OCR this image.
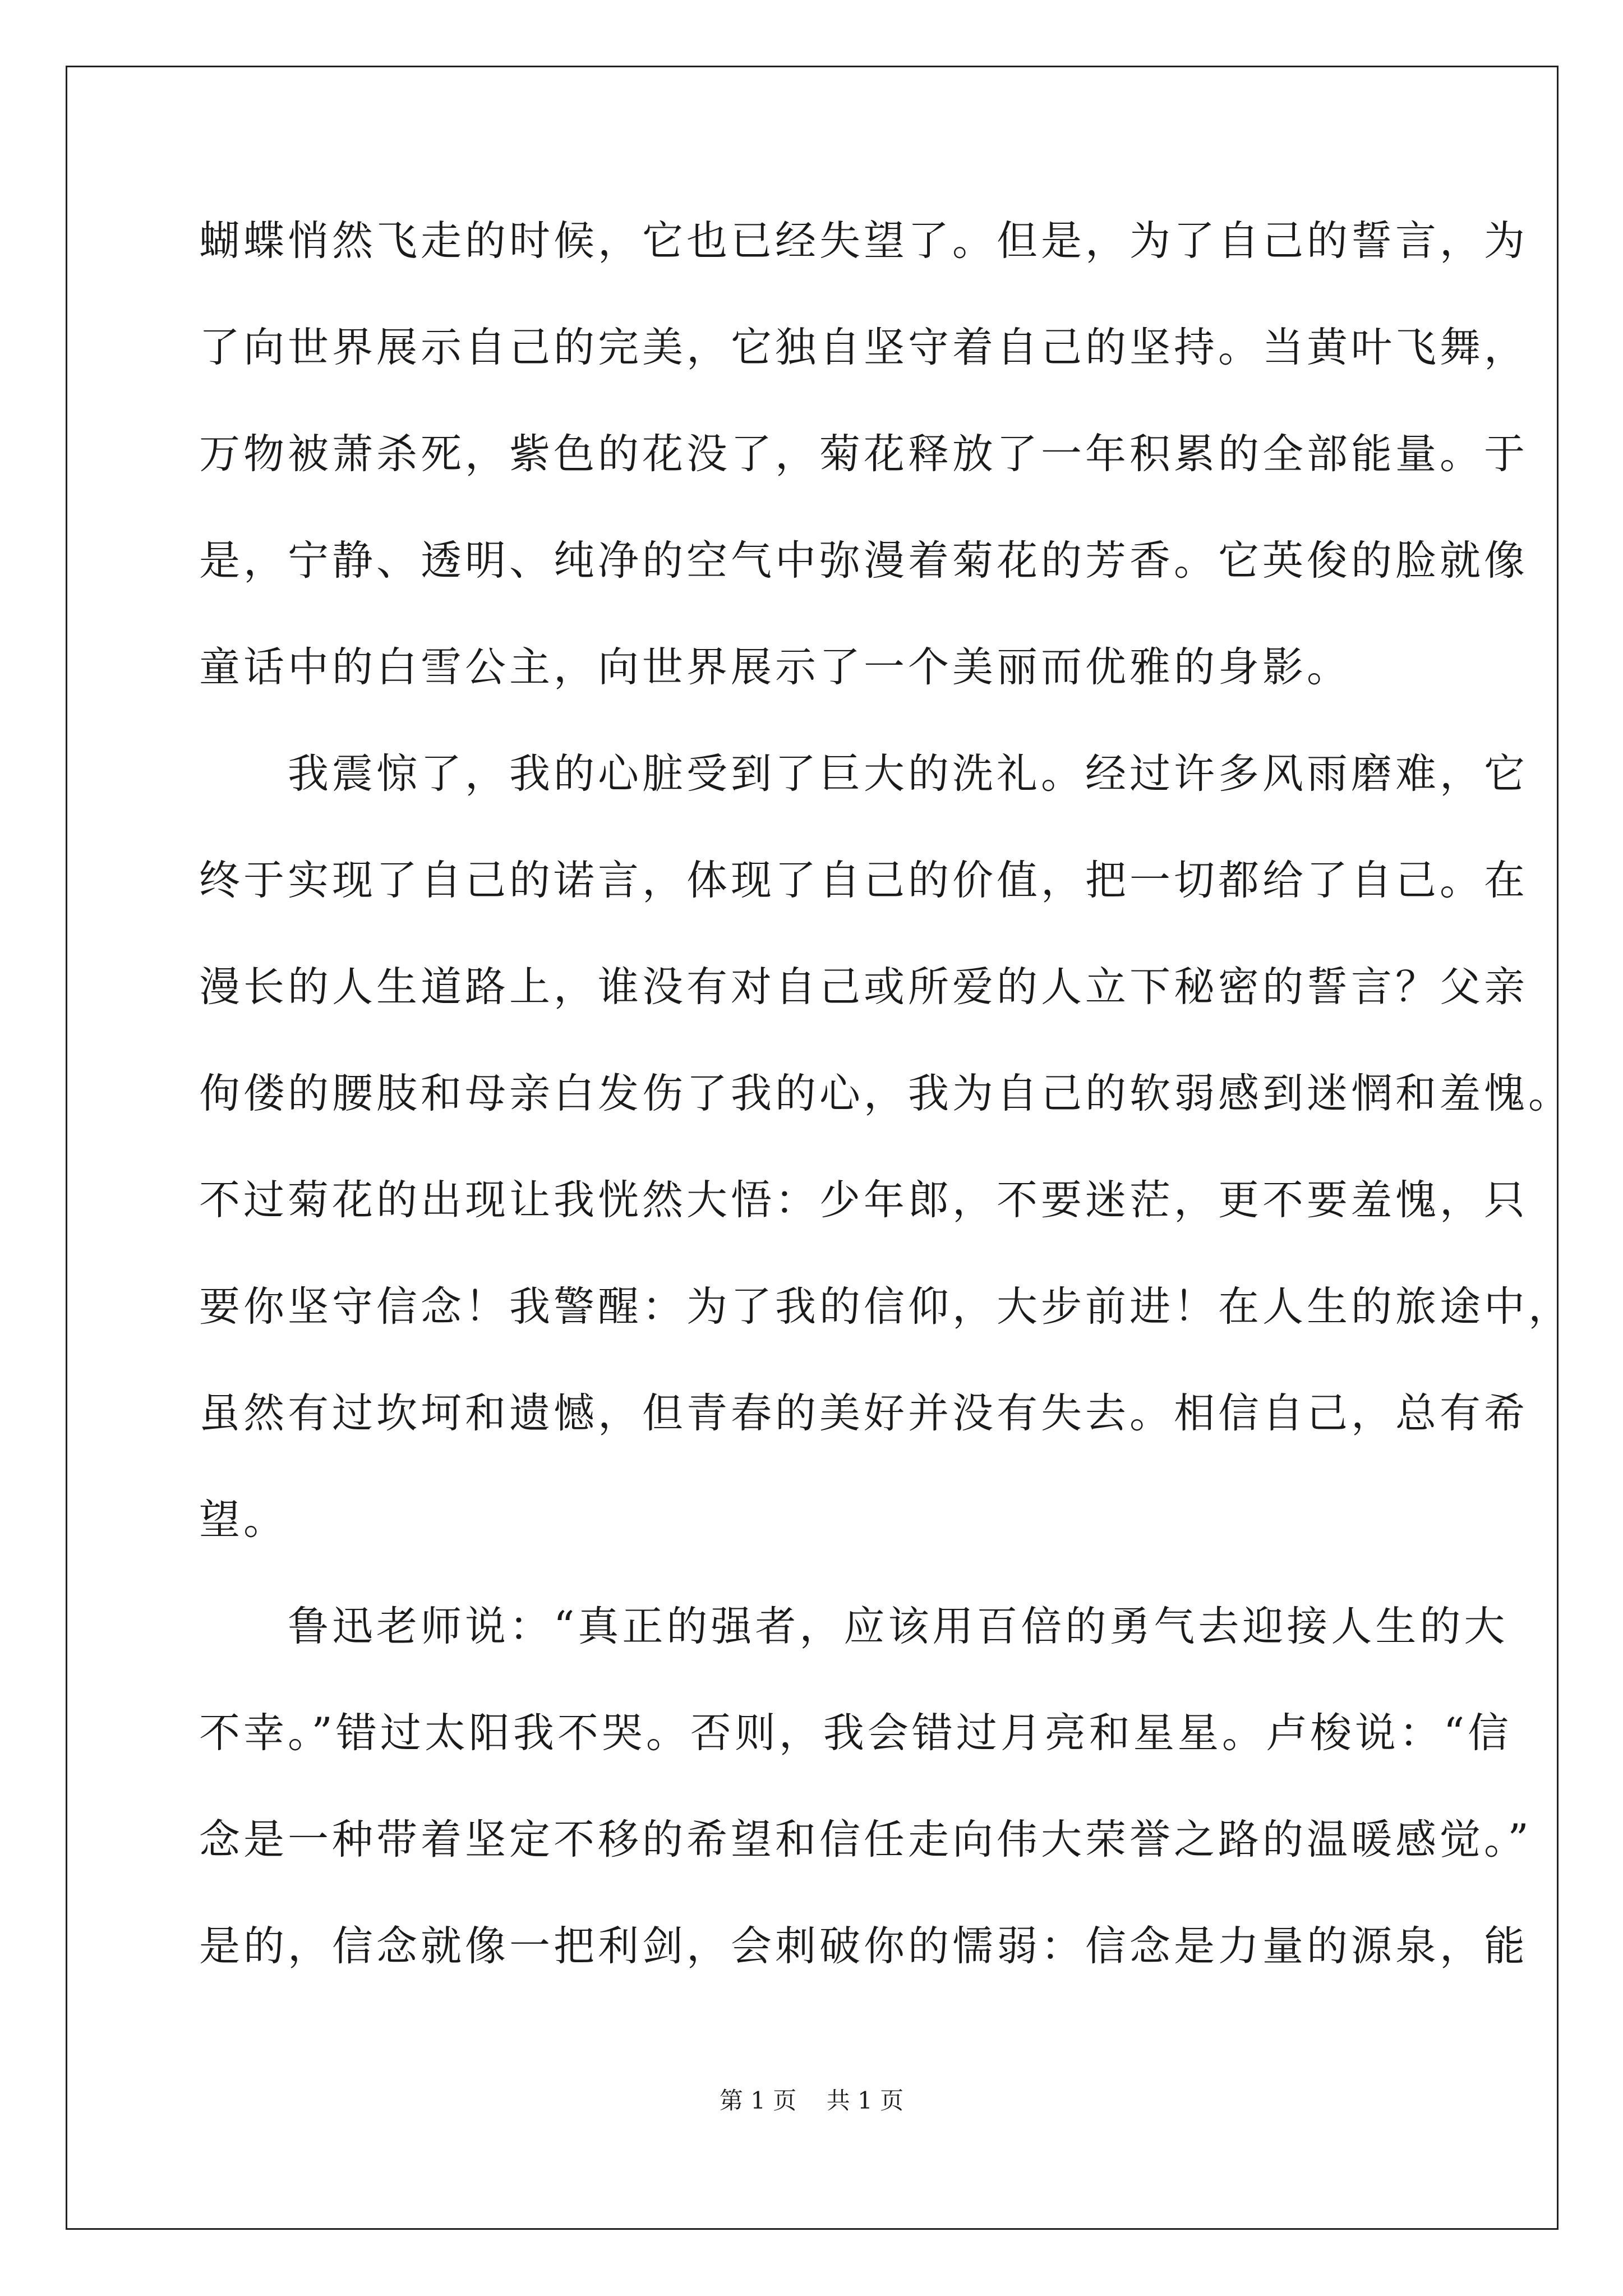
蝴蝶悄然飞走的时候，它也已经失望了。但是，为了自己的誓言，为
了向世界展示自己的完美，它独自坚守着自己的坚持。当黄叶飞舞，
万物被萧杀死，紫色的花没了，菊花释放了一年积累的全部能量。于
是，宁静、透明、纯净的空气中弥漫着菊花的芳香。它英俊的脸就像
童话中的白雪公主，向世界展示了一个美丽而优雅的身影。
　　我震惊了，我的心脏受到了巨大的洗礼。经过许多风雨磨难，它
终于实现了自己的诺言，体现了自己的价值，把一切都给了自己。在
漫长的人生道路上，谁没有对自己或所爱的人立下秘密的誓言？父亲
佝偻的腰肢和母亲白发伤了我的心，我为自己的软弱感到迷惘和羞愧。
不过菊花的出现让我恍然大悟：少年郎，不要迷茫，更不要羞愧，只
要你坚守信念！我警醒：为了我的信仰，大步前进！在人生的旅途中，
虽然有过坎坷和遗憾，但青春的美好并没有失去。相信自己，总有希
望。
　　鲁迅老师说：“真正的强者，应该用百倍的勇气去迎接人生的大
不幸。”错过太阳我不哭。否则，我会错过月亮和星星。卢梭说：“信
念是一种带着坚定不移的希望和信任走向伟大荣誉之路的温暖感觉。”
是的，信念就像一把利剑，会刺破你的懦弱：信念是力量的源泉，能
第 1 页    共 1 页
